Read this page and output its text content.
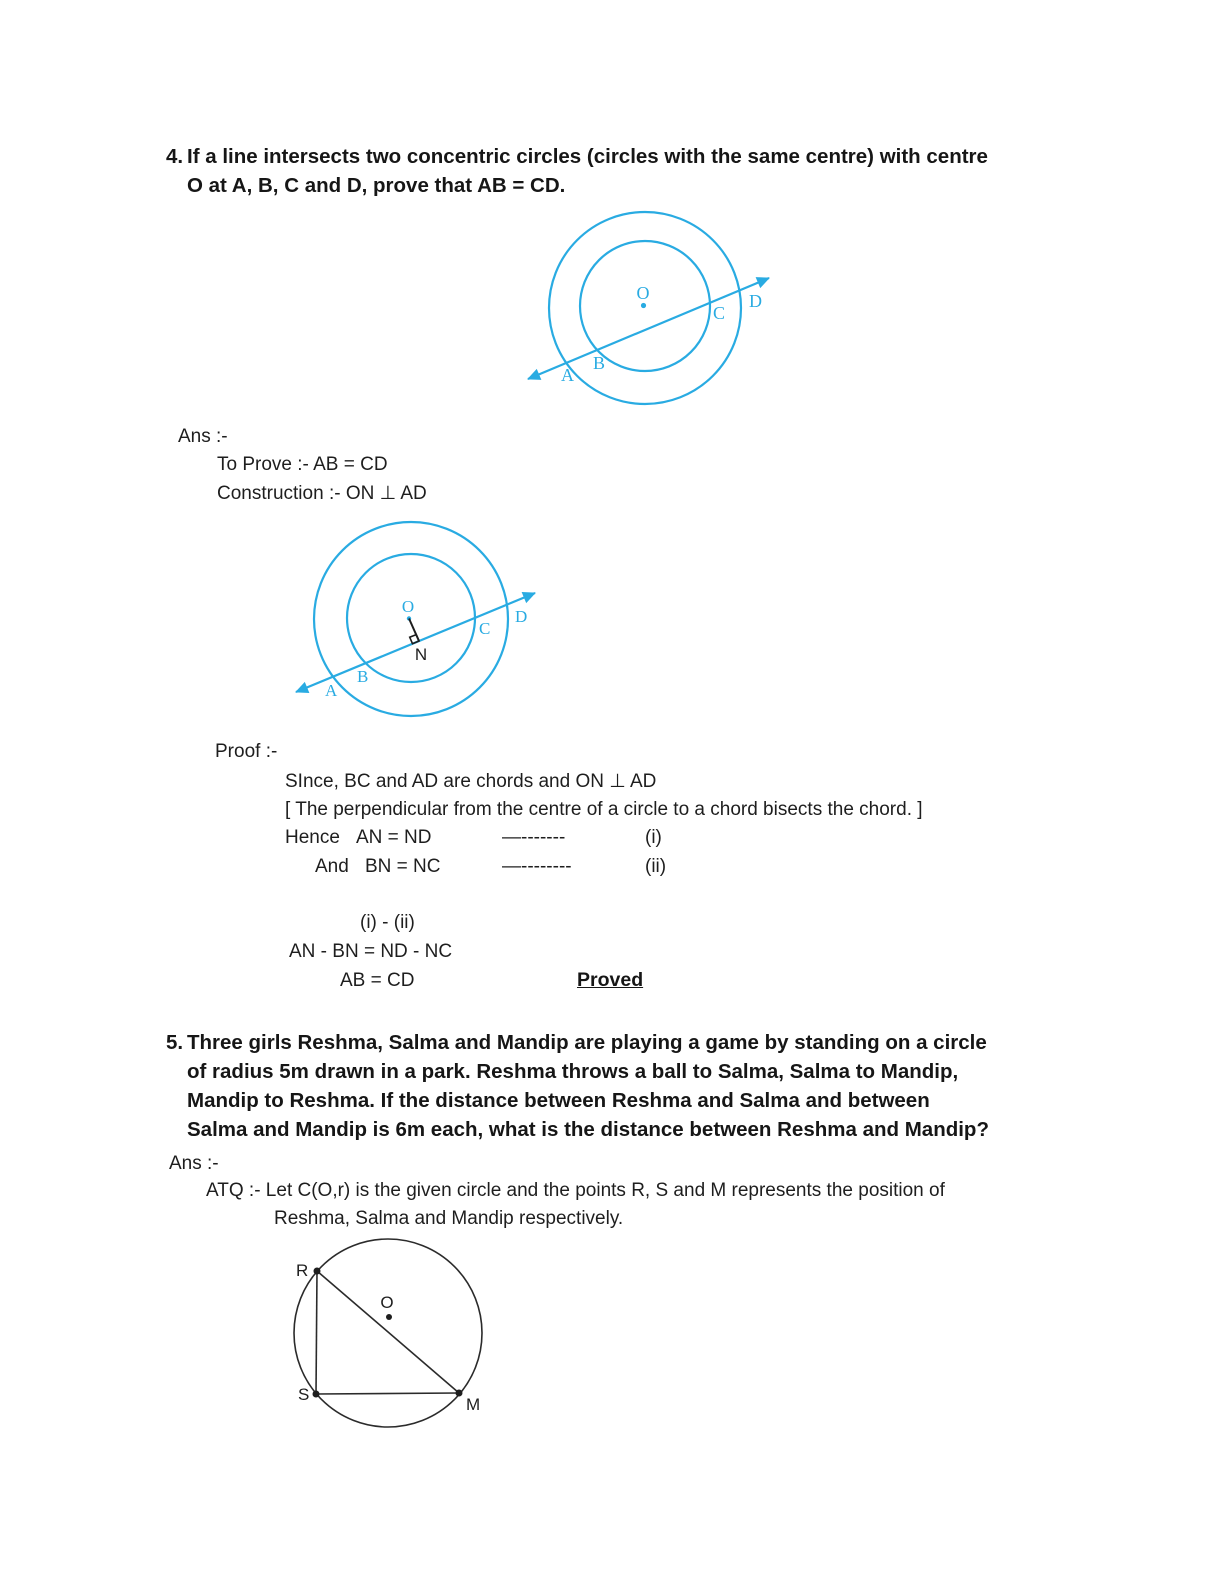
4. If a line intersects two concentric circles (circles with the same centre) with centre
O at A, B, C and D, prove that AB = CD.
O
A
B
C
D
Ans :-
To Prove :- AB = CD
Construction :- ON ⊥ AD
O
A
B
C
D
N
Proof :-
SInce, BC and AD are chords and ON ⊥ AD
[ The perpendicular from the centre of a circle to a chord bisects the chord. ]
Hence AN = ND	—-------	(i)
And BN = NC	—--------	(ii)
(i) - (ii)
AN - BN = ND - NC
AB = CD	Proved
5. Three girls Reshma, Salma and Mandip are playing a game by standing on a circle
of radius 5m drawn in a park. Reshma throws a ball to Salma, Salma to Mandip,
Mandip to Reshma. If the distance between Reshma and Salma and between
Salma and Mandip is 6m each, what is the distance between Reshma and Mandip?
Ans :-
ATQ :- Let C(O,r) is the given circle and the points R, S and M represents the position of
Reshma, Salma and Mandip respectively.
R
S
M
O
